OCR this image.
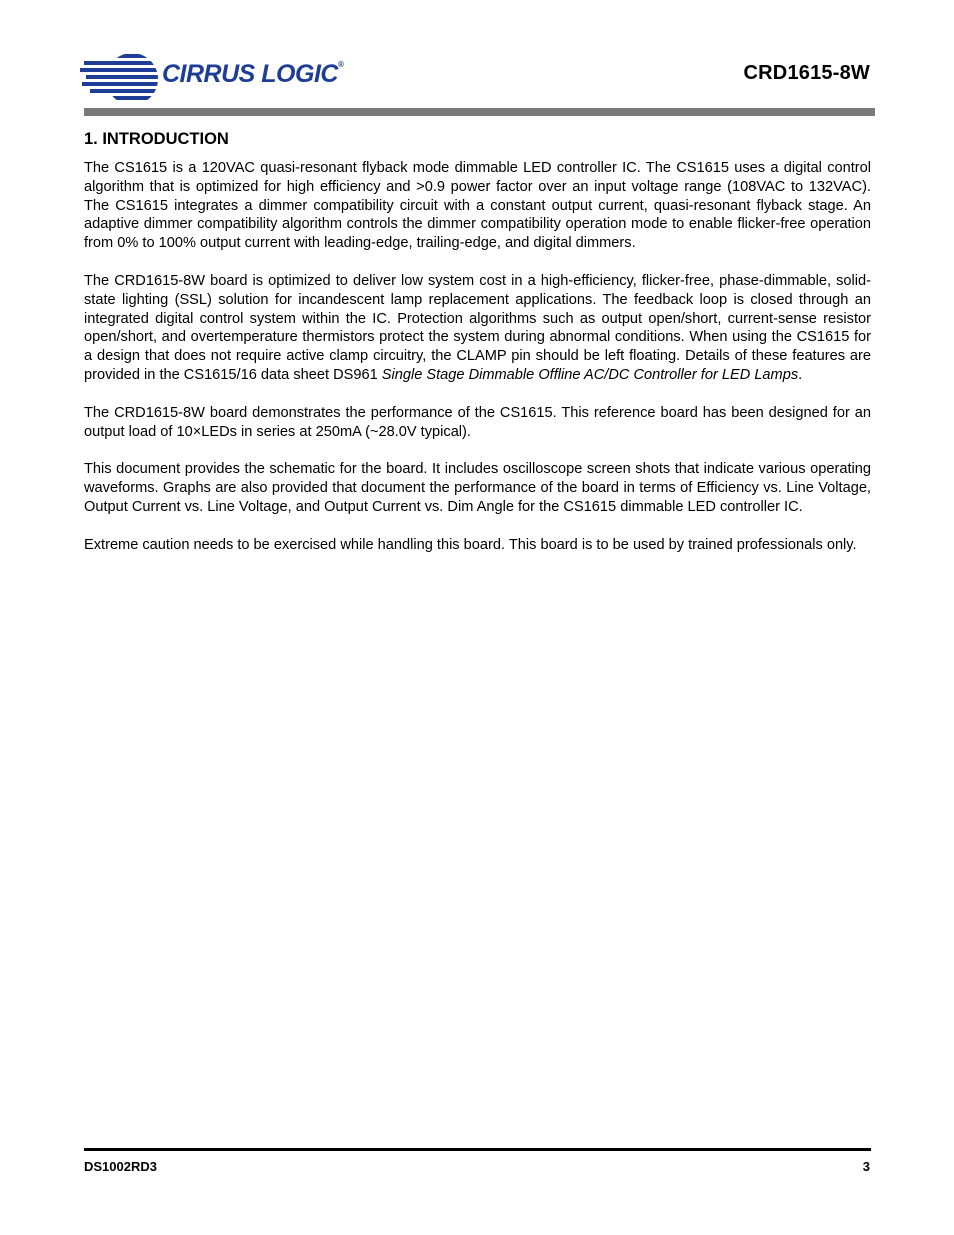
CIRRUS LOGIC®	CRD1615-8W
1. INTRODUCTION

The CS1615 is a 120VAC quasi-resonant flyback mode dimmable LED controller IC. The CS1615 uses a digital control algorithm that is optimized for high efficiency and >0.9 power factor over an input voltage range (108VAC to 132VAC). The CS1615 integrates a dimmer compatibility circuit with a constant output current, quasi-resonant flyback stage. An adaptive dimmer compatibility algorithm controls the dimmer compatibility operation mode to enable flicker-free operation from 0% to 100% output current with leading-edge, trailing-edge, and digital dimmers.

The CRD1615-8W board is optimized to deliver low system cost in a high-efficiency, flicker-free, phase-dimmable, solid-state lighting (SSL) solution for incandescent lamp replacement applications. The feedback loop is closed through an integrated digital control system within the IC. Protection algorithms such as output open/short, current-sense resistor open/short, and overtemperature thermistors protect the system during abnormal conditions. When using the CS1615 for a design that does not require active clamp circuitry, the CLAMP pin should be left floating. Details of these features are provided in the CS1615/16 data sheet DS961 Single Stage Dimmable Offline AC/DC Controller for LED Lamps.

The CRD1615-8W board demonstrates the performance of the CS1615. This reference board has been designed for an output load of 10×LEDs in series at 250mA (~28.0V typical).

This document provides the schematic for the board. It includes oscilloscope screen shots that indicate various operating waveforms. Graphs are also provided that document the performance of the board in terms of Efficiency vs. Line Voltage, Output Current vs. Line Voltage, and Output Current vs. Dim Angle for the CS1615 dimmable LED controller IC.

Extreme caution needs to be exercised while handling this board. This board is to be used by trained professionals only.

DS1002RD3	3
